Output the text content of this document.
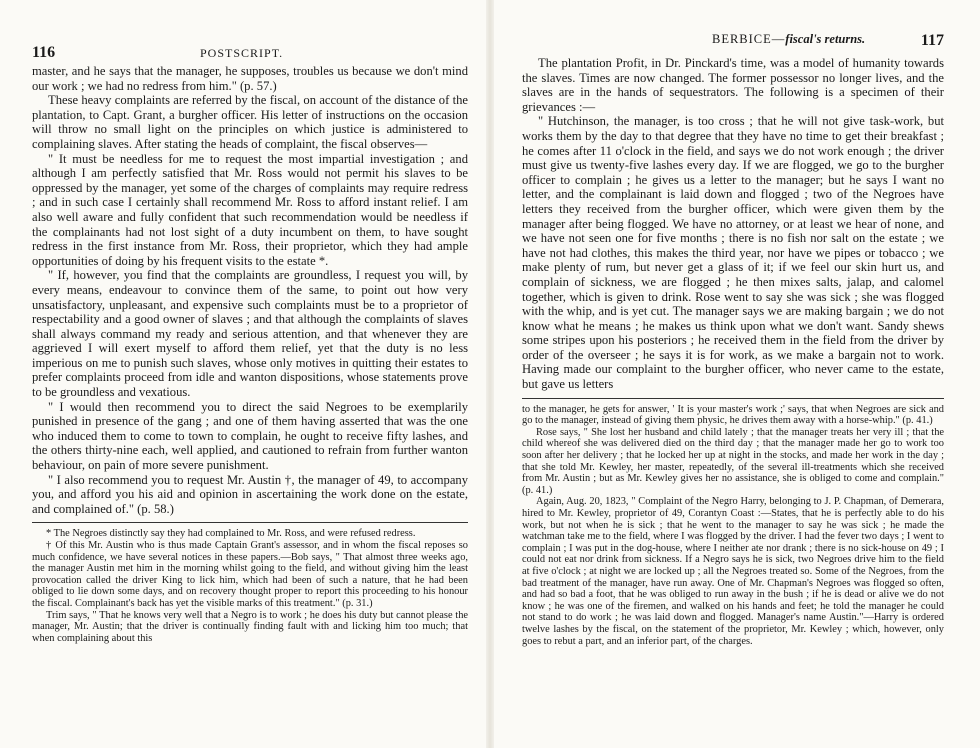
116	POSTSCRIPT.

master, and he says that the manager, he supposes, troubles us because we don't mind our work ; we had no redress from him." (p. 57.)

These heavy complaints are referred by the fiscal, on account of the distance of the plantation, to Capt. Grant, a burgher officer. His letter of instructions on the occasion will throw no small light on the principles on which justice is administered to complaining slaves. After stating the heads of complaint, the fiscal observes—

" It must be needless for me to request the most impartial investigation ; and although I am perfectly satisfied that Mr. Ross would not permit his slaves to be oppressed by the manager, yet some of the charges of complaints may require redress ; and in such case I certainly shall recommend Mr. Ross to afford instant relief. I am also well aware and fully confident that such recommendation would be needless if the complainants had not lost sight of a duty incumbent on them, to have sought redress in the first instance from Mr. Ross, their proprietor, which they had ample opportunities of doing by his frequent visits to the estate *.

" If, however, you find that the complaints are groundless, I request you will, by every means, endeavour to convince them of the same, to point out how very unsatisfactory, unpleasant, and expensive such complaints must be to a proprietor of respectability and a good owner of slaves ; and that although the complaints of slaves shall always command my ready and serious attention, and that whenever they are aggrieved I will exert myself to afford them relief, yet that the duty is no less imperious on me to punish such slaves, whose only motives in quitting their estates to prefer complaints proceed from idle and wanton dispositions, whose statements prove to be groundless and vexatious.

" I would then recommend you to direct the said Negroes to be exemplarily punished in presence of the gang ; and one of them having asserted that was the one who induced them to come to town to complain, he ought to receive fifty lashes, and the others thirty-nine each, well applied, and cautioned to refrain from further wanton behaviour, on pain of more severe punishment.

" I also recommend you to request Mr. Austin †, the manager of 49, to accompany you, and afford you his aid and opinion in ascertaining the work done on the estate, and complained of." (p. 58.)

* The Negroes distinctly say they had complained to Mr. Ross, and were refused redress.

† Of this Mr. Austin who is thus made Captain Grant's assessor, and in whom the fiscal reposes so much confidence, we have several notices in these papers.—Bob says, " That almost three weeks ago, the manager Austin met him in the morning whilst going to the field, and without giving him the least provocation called the driver King to lick him, which had been of such a nature, that he had been obliged to lie down some days, and on recovery thought proper to report this proceeding to his honour the fiscal. Complainant's back has yet the visible marks of this treatment." (p. 31.)

Trim says, " That he knows very well that a Negro is to work ; he does his duty but cannot please the manager, Mr. Austin; that the driver is continually finding fault with and licking him too much; that when complaining about this

BERBICE—fiscal's returns.	117

The plantation Profit, in Dr. Pinckard's time, was a model of humanity towards the slaves. Times are now changed. The former possessor no longer lives, and the slaves are in the hands of sequestrators. The following is a specimen of their grievances :—

" Hutchinson, the manager, is too cross ; that he will not give task-work, but works them by the day to that degree that they have no time to get their breakfast ; he comes after 11 o'clock in the field, and says we do not work enough ; the driver must give us twenty-five lashes every day. If we are flogged, we go to the burgher officer to complain ; he gives us a letter to the manager; but he says I want no letter, and the complainant is laid down and flogged ; two of the Negroes have letters they received from the burgher officer, which were given them by the manager after being flogged. We have no attorney, or at least we hear of none, and we have not seen one for five months ; there is no fish nor salt on the estate ; we have not had clothes, this makes the third year, nor have we pipes or tobacco ; we make plenty of rum, but never get a glass of it; if we feel our skin hurt us, and complain of sickness, we are flogged ; he then mixes salts, jalap, and calomel together, which is given to drink. Rose went to say she was sick ; she was flogged with the whip, and is yet cut. The manager says we are making bargain ; we do not know what he means ; he makes us think upon what we don't want. Sandy shews some stripes upon his posteriors ; he received them in the field from the driver by order of the overseer ; he says it is for work, as we make a bargain not to work. Having made our complaint to the burgher officer, who never came to the estate, but gave us letters

to the manager, he gets for answer, ' It is your master's work ;' says, that when Negroes are sick and go to the manager, instead of giving them physic, he drives them away with a horse-whip." (p. 41.)

Rose says, " She lost her husband and child lately ; that the manager treats her very ill ; that the child whereof she was delivered died on the third day ; that the manager made her go to work too soon after her delivery ; that he locked her up at night in the stocks, and made her work in the day ; that she told Mr. Kewley, her master, repeatedly, of the several ill-treatments which she received from Mr. Austin ; but as Mr. Kewley gives her no assistance, she is obliged to come and complain." (p. 41.)

Again, Aug. 20, 1823, " Complaint of the Negro Harry, belonging to J. P. Chapman, of Demerara, hired to Mr. Kewley, proprietor of 49, Corantyn Coast :—States, that he is perfectly able to do his work, but not when he is sick ; that he went to the manager to say he was sick ; he made the watchman take me to the field, where I was flogged by the driver. I had the fever two days ; I went to complain ; I was put in the dog-house, where I neither ate nor drank ; there is no sick-house on 49 ; I could not eat nor drink from sickness. If a Negro says he is sick, two Negroes drive him to the field at five o'clock ; at night we are locked up ; all the Negroes treated so. Some of the Negroes, from the bad treatment of the manager, have run away. One of Mr. Chapman's Negroes was flogged so often, and had so bad a foot, that he was obliged to run away in the bush ; if he is dead or alive we do not know ; he was one of the firemen, and walked on his hands and feet; he told the manager he could not stand to do work ; he was laid down and flogged. Manager's name Austin."—Harry is ordered twelve lashes by the fiscal, on the statement of the proprietor, Mr. Kewley ; which, however, only goes to rebut a part, and an inferior part, of the charges.
